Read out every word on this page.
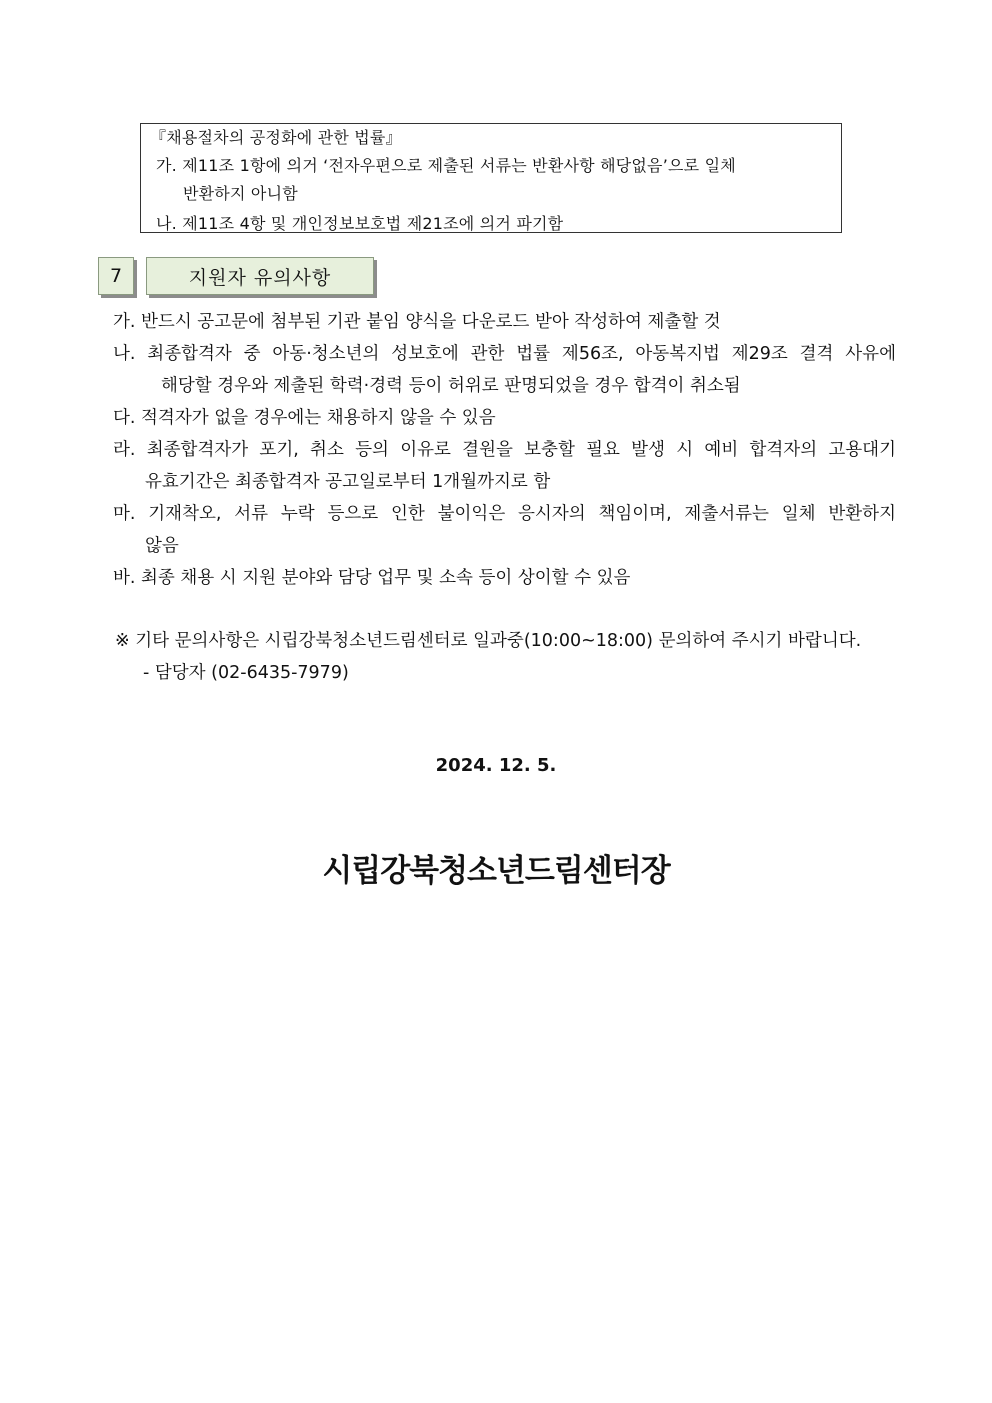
『채용절차의 공정화에 관한 법률』
가. 제11조 1항에 의거 ‘전자우편으로 제출된 서류는 반환사항 해당없음’으로 일체
반환하지 아니함
나. 제11조 4항 및 개인정보보호법 제21조에 의거 파기함
7	지원자 유의사항
가. 반드시 공고문에 첨부된 기관 붙임 양식을 다운로드 받아 작성하여 제출할 것
나. 최종합격자 중 아동·청소년의 성보호에 관한 법률 제56조, 아동복지법 제29조 결격 사유에
해당할 경우와 제출된 학력·경력 등이 허위로 판명되었을 경우 합격이 취소됨
다. 적격자가 없을 경우에는 채용하지 않을 수 있음
라. 최종합격자가 포기, 취소 등의 이유로 결원을 보충할 필요 발생 시 예비 합격자의 고용대기
유효기간은 최종합격자 공고일로부터 1개월까지로 함
마. 기재착오, 서류 누락 등으로 인한 불이익은 응시자의 책임이며, 제출서류는 일체 반환하지
않음
바. 최종 채용 시 지원 분야와 담당 업무 및 소속 등이 상이할 수 있음
※ 기타 문의사항은 시립강북청소년드림센터로 일과중(10:00~18:00) 문의하여 주시기 바랍니다.
- 담당자 (02-6435-7979)
2024. 12. 5.
시립강북청소년드림센터장
